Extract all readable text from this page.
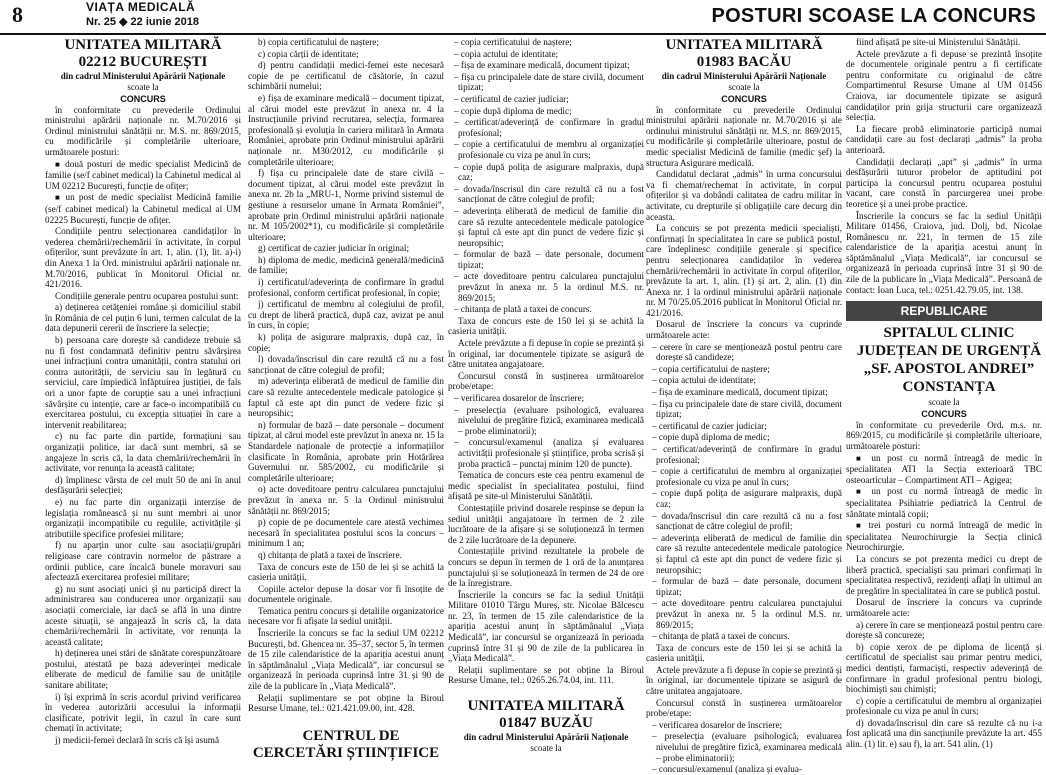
8	VIAȚA MEDICALĂ
Nr. 25 ◆ 22 iunie 2018	POSTURI SCOASE LA CONCURS

UNITATEA MILITARĂ

02212 BUCUREȘTI

din cadrul Ministerului Apărării Naționale

scoate la

CONCURS

în conformitate cu prevederile Ordinului ministrului apărării naționale nr. M.70/2016 și Ordinul ministrului sănătății nr. M.S. nr. 869/2015, cu modificările și completările ulterioare, următoarele posturi:

■ două posturi de medic specialist Medicină de familie (se/f cabinet medical) la Cabinetul medical al UM 02212 București, funcție de ofițer;

■ un post de medic specialist Medicină familie (se/f cabinet medical) la Cabinetul medical al UM 02225 București, funcție de ofițer.

Condițiile pentru selecționarea candidaților în vederea chemării/rechemării în activitate, în corpul ofițerilor, sunt prevăzute în art. 1, alin. (1), lit. a)-i) din Anexa 1 la Ord. ministrului apărării naționale nr. M.70/2016, publicat în Monitorul Oficial nr. 421/2016.

Condițiile generale pentru ocuparea postului sunt:

a) deținerea cetățeniei române și domiciliul stabil în România de cel puțin 6 luni, termen calculat de la data depunerii cererii de înscriere la selecție;

b) persoana care dorește să candideze trebuie să nu fi fost condamnată definitiv pentru săvârșirea unei infracțiuni contra umanității, contra statului ori contra autorității, de serviciu sau în legătură cu serviciul, care împiedică înfăptuirea justiției, de fals ori a unor fapte de corupție sau a unei infracțiuni săvârșite cu intenție, care ar face-o incompatibilă cu exercitarea postului, cu excepția situației în care a intervenit reabilitarea;

c) nu fac parte din partide, formațiuni sau organizații politice, iar dacă sunt membri, să se angajeze în scris că, la data chemării/rechemării în activitate, vor renunța la această calitate;

d) împlinesc vârsta de cel mult 50 de ani în anul desfășurării selecției;

e) nu fac parte din organizații interzise de legislația românească și nu sunt membri ai unor organizații incompatibile cu regulile, activitățile și atributiile specifice profesiei militare;

f) nu aparțin unor culte sau asociații/grupări religioase care contravin normelor de păstrare a ordinii publice, care încalcă bunele moravuri sau afectează exercitarea profesiei militare;

g) nu sunt asociați unici și nu participă direct la administrarea sau conducerea unor organizații sau asociații comerciale, iar dacă se află în una dintre aceste situații, se angajează în scris că, la data chemării/rechemării în activitate, vor renunța la această calitate;

h) deținerea unei stări de sănătate corespunzătoare postului, atestată pe baza adeverinței medicale eliberate de medicul de familie sau de unitățile sanitare abilitate;

i) își exprimă în scris acordul privind verificarea în vederea autorizării accesului la informații clasificate, potrivit legii, în cazul în care sunt chemați în activitate;

j) medicii-femei declară în scris că își asumă

b) copia certificatului de naștere;

c) copia cărții de identitate;

d) pentru candidații medici-femei este necesară copie de pe certificatul de căsătorie, în cazul schimbării numelui;

e) fișa de examinare medicală – document tipizat, al cărui model este prevăzut în anexa nr. 4 la Instrucțiunile privind recrutarea, selecția, formarea profesională și evoluția în cariera militară în Armata României, aprobate prin Ordinul ministrului apărării naționale nr. M30/2012, cu modificările și completările ulterioare;

f) fișa cu principalele date de stare civilă – document tipizat, al cărui model este prevăzut în anexa nr. 2b la „MRU-1, Norme privind sistemul de gestiune a resurselor umane în Armata României”, aprobate prin Ordinul ministrului apărării naționale nr. M 105/2002*1), cu modificările și completările ulterioare;

g) certificat de cazier judiciar în original;

h) diploma de medic, medicină generală/medicină de familie;

i) certificatul/adeverința de confirmare în gradul profesional, conform certificat profesional, în copie;

j) certificatul de membru al colegiului de profil, cu drept de liberă practică, după caz, avizat pe anul în curs, în copie;

k) polița de asigurare malpraxis, după caz, în copie;

l) dovada/înscrisul din care rezultă că nu a fost sancționat de către colegiul de profil;

m) adeverința eliberată de medicul de familie din care să rezulte antecedentele medicale patologice și faptul că este apt din punct de vedere fizic și neuropsihic;

n) formular de bază – date personale – document tipizat, al cărui model este prevăzut în anexa nr. 15 la Standardele naționale de protecție a informațiilor clasificate în România, aprobate prin Hotărârea Guvernului nr. 585/2002, cu modificările și completările ulterioare;

o) acte doveditoare pentru calcularea punctajului prevăzut în anexa nr. 5 la Ordinul ministrului sănătății nr. 869/2015;

p) copie de pe documentele care atestă vechimea necesară în specialitatea postului scos la concurs – minimum 1 an;

q) chitanța de plată a taxei de înscriere.

Taxa de concurs este de 150 de lei și se achită la casieria unității.

Copiile actelor depuse la dosar vor fi însoțite de documentele originale.

Tematica pentru concurs și detaliile organizatorice necesare vor fi afișate la sediul unității.

Înscrierile la concurs se fac la sediul UM 02212 București, bd. Ghencea nr. 35–37, sector 5, în termen de 15 zile calendaristice de la apariția acestui anunț în săptămânalul „Viața Medicală”, iar concursul se organizează în perioada cuprinsă între 31 și 90 de zile de la publicare în „Viața Medicală”.

Relații suplimentare se pot obține la Biroul Resurse Umane, tel.: 021.421.09.00, int. 428.

CENTRUL DE CERCETĂRI ȘTIINȚIFICE

– copia certificatului de naștere;

– copia actului de identitate;

– fișa de examinare medicală, document tipizat;

– fișa cu principalele date de stare civilă, document tipizat;

– certificatul de cazier judiciar;

– copie după diploma de medic;

– certificat/adeverință de confirmare în gradul profesional;

– copie a certificatului de membru al organizației profesionale cu viza pe anul în curs;

– copie după polița de asigurare malpraxis, după caz;

– dovada/înscrisul din care rezultă că nu a fost sancționat de către colegiul de profil;

– adeverința eliberată de medicul de familie din care să rezulte antecedentele medicale patologice și faptul că este apt din punct de vedere fizic și neuropsihic;

– formular de bază – date personale, document tipizat;

– acte doveditoare pentru calcularea punctajului prevăzut în anexa nr. 5 la ordinul M.S. nr. 869/2015;

– chitanța de plată a taxei de concurs.

Taxa de concurs este de 150 lei și se achită la casieria unității.

Actele prevăzute a fi depuse în copie se prezintă și în original, iar documentele tipizate se asigură de către unitatea angajatoare.

Concursul constă în susținerea următoarelor probe/etape:

– verificarea dosarelor de înscriere;

– preselecția (evaluare psihologică, evaluarea nivelului de pregătire fizică, examinarea medicală – probe eliminatorii);

– concursul/examenul (analiza și evaluarea activității profesionale și științifice, proba scrisă și proba practică – punctaj minim 120 de puncte).

Tematica de concurs este cea pentru examenul de medic specialist în specialitatea postului, fiind afișată pe site-ul Ministerului Sănătății.

Contestațiile privind dosarele respinse se depun la sediul unității angajatoare în termen de 2 zile lucrătoare de la afișare și se soluționează în termen de 2 zile lucrătoare de la depunere.

Contestațiile privind rezultatele la probele de concurs se depun în termen de 1 oră de la anunțarea punctajului și se soluționează în termen de 24 de ore de la înregistrare.

Înscrierile la concurs se fac la sediul Unității Militare 01010 Târgu Mureș, str. Nicolae Bălcescu nr. 23, în termen de 15 zile calendaristice de la apariția acestui anunț în săptămânalul „Viața Medicală”, iar concursul se organizează în perioada cuprinsă între 31 și 90 de zile de la publicarea în „Viața Medicală”.

Relații suplimentare se pot obține la Biroul Resurse Umane, tel.: 0265.26.74.04, int. 111.

UNITATEA MILITARĂ

01847 BUZĂU

din cadrul Ministerului Apărării Naționale

scoate la

UNITATEA MILITARĂ

01983 BACĂU

din cadrul Ministerului Apărării Naționale

scoate la

CONCURS

în conformitate cu prevederile Ordinului ministrului apărării naționale nr. M.70/2016 și ale ordinului ministrului sănătății nr. M.S. nr. 869/2015, cu modificările și completările ulterioare, postul de medic specialist Medicină de familie (medic șef) la structura Asigurare medicală.

Candidatul declarat „admis” în urma concursului va fi chemat/rechemat în activitate, în corpul ofițerilor și va dobândi calitatea de cadru militar în activitate, cu drepturile și obligațiile care decurg din aceasta.

La concurs se pot prezenta medicii specialiști, confirmați în specialitatea în care se publică postul, care îndeplinesc condițiile generale și specifice pentru selecționarea candidaților în vederea chemării/rechemării în activitate în corpul ofițerilor, prevăzute la art. 1, alin. (1) și art. 2, alin. (1) din Anexa nr. 1 la ordinul ministrului apărării naționale nr. M 70/25.05.2016 publicat în Monitorul Oficial nr. 421/2016.

Dosarul de înscriere la concurs va cuprinde următoarele acte:

– cerere în care se menționează postul pentru care dorește să candideze;

– copia certificatului de naștere;

– copia actului de identitate;

– fișa de examinare medicală, document tipizat;

– fișa cu principalele date de stare civilă, document tipizat;

– certificatul de cazier judiciar;

– copie după diploma de medic;

– certificat/adeverință de confirmare în gradul profesional;

– copie a certificatului de membru al organizației profesionale cu viza pe anul în curs;

– copie după polița de asigurare malpraxis, după caz;

– dovada/înscrisul din care rezultă că nu a fost sancționat de către colegiul de profil;

– adeverința eliberată de medicul de familie din care să rezulte antecedentele medicale patologice și faptul că este apt din punct de vedere fizic și neuropsihic;

– formular de bază – date personale, document tipizat;

– acte doveditoare pentru calcularea punctajului prevăzut în anexa nr. 5 la ordinul M.S. nr. 869/2015;

– chitanța de plată a taxei de concurs.

Taxa de concurs este de 150 lei și se achită la casieria unității.

Actele prevăzute a fi depuse în copie se prezintă și în original, iar documentele tipizate se asigură de către unitatea angajatoare.

Concursul constă în susținerea următoarelor probe/etape:

– verificarea dosarelor de înscriere;

– preselecția (evaluare psihologică, evaluarea nivelului de pregătire fizică, examinarea medicală – probe eliminatorii);

– concursul/examenul (analiza și evalua-

fiind afișată pe site-ul Ministerului Sănătății.

Actele prevăzute a fi depuse se prezintă însoțite de documentele originale pentru a fi certificate pentru conformitate cu originalul de către Compartimentul Resurse Umane al UM 01456 Craiova, iar documentele tipizate se asigură candidaților prin grija structurii care organizează selecția.

La fiecare probă eliminatorie participă numai candidații care au fost declarați „admis” la proba anterioară.

Candidații declarați „apt” și „admis” în urma desfășurării tuturor probelor de aptitudini pot participa la concursul pentru ocuparea postului vacant, care constă în parcurgerea unei probe teoretice și a unei probe practice.

Înscrierile la concurs se fac la sediul Unității Militare 01456, Craiova, jud. Dolj, bd. Nicolae Românescu nr. 221, în termen de 15 zile calendaristice de la apariția acestui anunț în săptămânalul „Viața Medicală”, iar concursul se organizează în perioada cuprinsă între 31 și 90 de zile de la publicare în „Viața Medicală”. Persoană de contact: Ioan Luca, tel.: 0251.42.79.05, int. 138.

REPUBLICARE

SPITALUL CLINIC

JUDEȚEAN DE URGENȚĂ

„SF. APOSTOL ANDREI”

CONSTANȚA

scoate la

CONCURS

în conformitate cu prevederile Ord. m.s. nr. 869/2015, cu modificările și completările ulterioare, următoarele posturi:

■ un post cu normă întreagă de medic în specialitatea ATI la Secția exterioară TBC osteoarticular – Compartiment ATI – Agigea;

■ un post cu normă întreagă de medic în specialitatea Psihiatrie pediatrică la Centrul de sănătate mintală copii;

■ trei posturi cu normă întreagă de medic în specialitatea Neurochirurgie la Secția clinică Neurochirurgie.

La concurs se pot prezenta medici cu drept de liberă practică, specialiști sau primari confirmați în specialitatea respectivă, rezidenți aflați în ultimul an de pregătire în specialitatea în care se publică postul.

Dosarul de înscriere la concurs va cuprinde următoarele acte:

a) cerere în care se menționează postul pentru care dorește să concureze;

b) copie xerox de pe diploma de licență și certificatul de specialist sau primar pentru medici, medici dentiști, farmaciști, respectiv adeverință de confirmare în gradul profesional pentru biologi, biochimiști sau chimiști;

c) copie a certificatului de membru al organizației profesionale cu viza pe anul în curs;

d) dovada/înscrisul din care să rezulte că nu i-a fost aplicată una din sancțiunile prevăzute la art. 455 alin. (1) lit. e) sau f), la art. 541 alin. (1)
